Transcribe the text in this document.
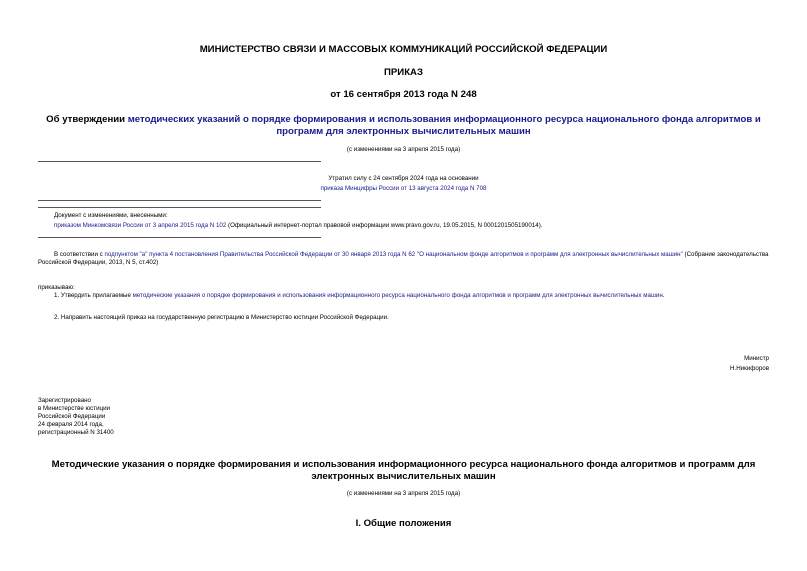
МИНИСТЕРСТВО СВЯЗИ И МАССОВЫХ КОММУНИКАЦИЙ РОССИЙСКОЙ ФЕДЕРАЦИИ
ПРИКАЗ
от 16 сентября 2013 года N 248
Об утверждении методических указаний о порядке формирования и использования информационного ресурса национального фонда алгоритмов и программ для электронных вычислительных машин
(с изменениями на 3 апреля 2015 года)
Утратил силу с 24 сентября 2024 года на основании
приказа Минцифры России от 13 августа 2024 года N 708
Документ с изменениями, внесенными:
приказом Минкомсвязи России от 3 апреля 2015 года N 102 (Официальный интернет-портал правовой информации www.pravo.gov.ru, 19.05.2015, N 0001201505190014).
В соответствии с подпунктом "а" пункта 4 постановления Правительства Российской Федерации от 30 января 2013 года N 62 "О национальном фонде алгоритмов и программ для электронных вычислительных машин" (Собрание законодательства Российской Федерации, 2013, N 5, ст.402)
приказываю:
1. Утвердить прилагаемые методические указания о порядке формирования и использования информационного ресурса национального фонда алгоритмов и программ для электронных вычислительных машин.
2. Направить настоящий приказ на государственную регистрацию в Министерство юстиции Российской Федерации.
Министр
Н.Никифоров
Зарегистрировано
в Министерстве юстиции
Российской Федерации
24 февраля 2014 года,
регистрационный N 31400
Методические указания о порядке формирования и использования информационного ресурса национального фонда алгоритмов и программ для электронных вычислительных машин
(с изменениями на 3 апреля 2015 года)
I. Общие положения
